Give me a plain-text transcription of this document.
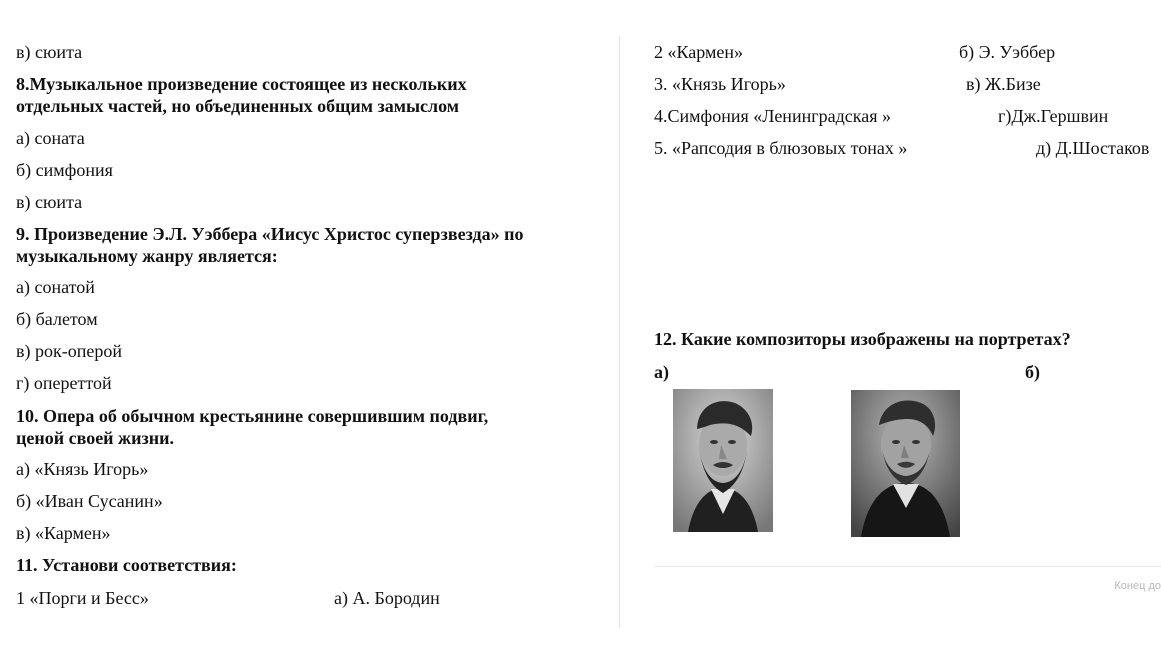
в) сюита
8.Музыкальное произведение состоящее из нескольких
отдельных частей, но объединенных общим замыслом
а) соната
б) симфония
в) сюита
9. Произведение Э.Л. Уэббера «Иисус Христос суперзвезда» по
музыкальному жанру является:
а) сонатой
б) балетом
в) рок-оперой
г) опереттой
10. Опера об обычном крестьянине совершившим подвиг,
ценой своей жизни.
а) «Князь Игорь»
б) «Иван Сусанин»
в) «Кармен»
11. Установи соответствия:
1 «Порги и Бесс»	а) А. Бородин
2 «Кармен»	б) Э. Уэббер
3. «Князь Игорь»	в) Ж.Бизе
4.Симфония «Ленинградская »	г)Дж.Гершвин
5. «Рапсодия в блюзовых тонах »	д) Д.Шостаков
12. Какие композиторы изображены на портретах?
а)	б)
Конец до
